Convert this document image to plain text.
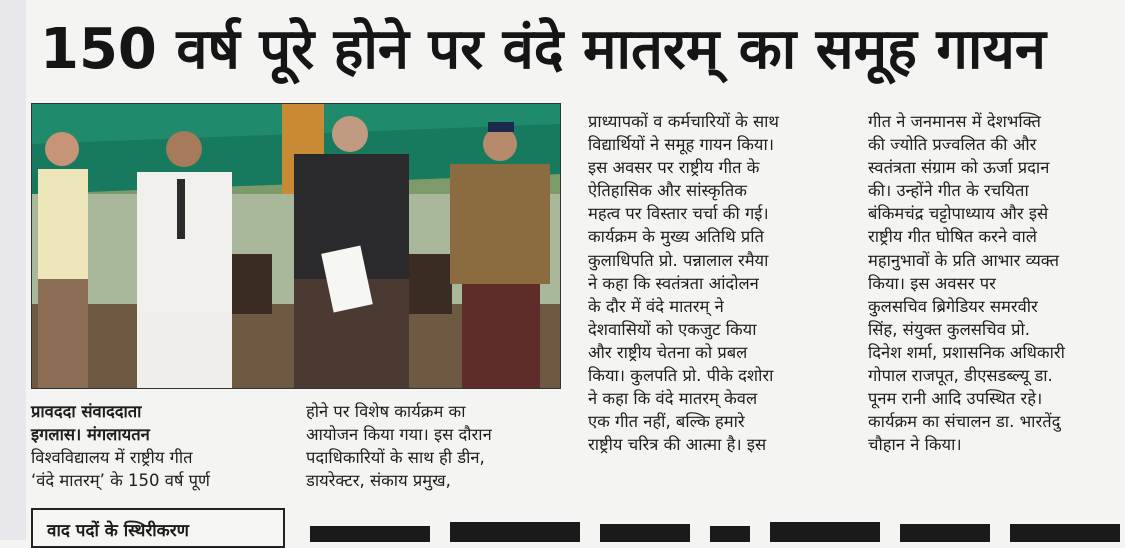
150 वर्ष पूरे होने पर वंदे मातरम् का समूह गायन

प्रावददा संवाददाता

इगलास। मंगलायतन

विश्वविद्यालय में राष्ट्रीय गीत

‘वंदे मातरम्’ के 150 वर्ष पूर्ण

होने पर विशेष कार्यक्रम का

आयोजन किया गया। इस दौरान

पदाधिकारियों के साथ ही डीन,

डायरेक्टर, संकाय प्रमुख,

प्राध्यापकों व कर्मचारियों के साथ

विद्यार्थियों ने समूह गायन किया।

इस अवसर पर राष्ट्रीय गीत के

ऐतिहासिक और सांस्कृतिक

महत्व पर विस्तार चर्चा की गई।

कार्यक्रम के मुख्य अतिथि प्रति

कुलाधिपति प्रो. पन्नालाल रमैया

ने कहा कि स्वतंत्रता आंदोलन

के दौर में वंदे मातरम् ने

देशवासियों को एकजुट किया

और राष्ट्रीय चेतना को प्रबल

किया। कुलपति प्रो. पीके दशोरा

ने कहा कि वंदे मातरम् केवल

एक गीत नहीं, बल्कि हमारे

राष्ट्रीय चरित्र की आत्मा है। इस

गीत ने जनमानस में देशभक्ति

की ज्योति प्रज्वलित की और

स्वतंत्रता संग्राम को ऊर्जा प्रदान

की। उन्होंने गीत के रचयिता

बंकिमचंद्र चट्टोपाध्याय और इसे

राष्ट्रीय गीत घोषित करने वाले

महानुभावों के प्रति आभार व्यक्त

किया। इस अवसर पर

कुलसचिव ब्रिगेडियर समरवीर

सिंह, संयुक्त कुलसचिव प्रो.

दिनेश शर्मा, प्रशासनिक अधिकारी

गोपाल राजपूत, डीएसडब्ल्यू डा.

पूनम रानी आदि उपस्थित रहे।

कार्यक्रम का संचालन डा. भारतेंदु

चौहान ने किया।

वाद पदों के स्थिरीकरण
